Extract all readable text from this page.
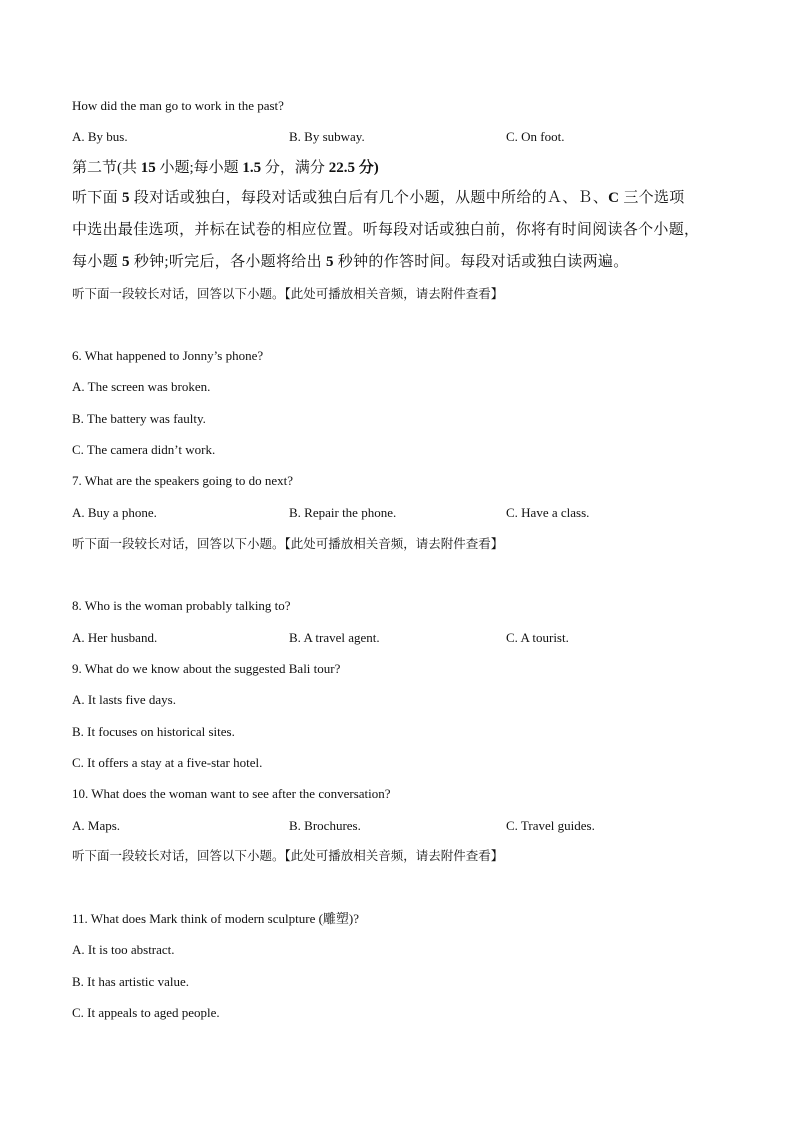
How did the man go to work in the past?
A. By bus.	B. By subway.	C. On foot.
第二节(共 15 小题;每小题 1.5 分，满分 22.5 分)
听下面 5 段对话或独白，每段对话或独白后有几个小题，从题中所给的Ａ、Ｂ、C 三个选项
中选出最佳选项，并标在试卷的相应位置。听每段对话或独白前，你将有时间阅读各个小题，
每小题 5 秒钟;听完后，各小题将给出 5 秒钟的作答时间。每段对话或独白读两遍。
听下面一段较长对话，回答以下小题。【此处可播放相关音频，请去附件查看】
6. What happened to Jonny’s phone?
A. The screen was broken.
B. The battery was faulty.
C. The camera didn’t work.
7. What are the speakers going to do next?
A. Buy a phone.	B. Repair the phone.	C. Have a class.
听下面一段较长对话，回答以下小题。【此处可播放相关音频，请去附件查看】
8. Who is the woman probably talking to?
A. Her husband.	B. A travel agent.	C. A tourist.
9. What do we know about the suggested Bali tour?
A. It lasts five days.
B. It focuses on historical sites.
C. It offers a stay at a five-star hotel.
10. What does the woman want to see after the conversation?
A. Maps.	B. Brochures.	C. Travel guides.
听下面一段较长对话，回答以下小题。【此处可播放相关音频，请去附件查看】
11. What does Mark think of modern sculpture (雕塑)?
A. It is too abstract.
B. It has artistic value.
C. It appeals to aged people.
